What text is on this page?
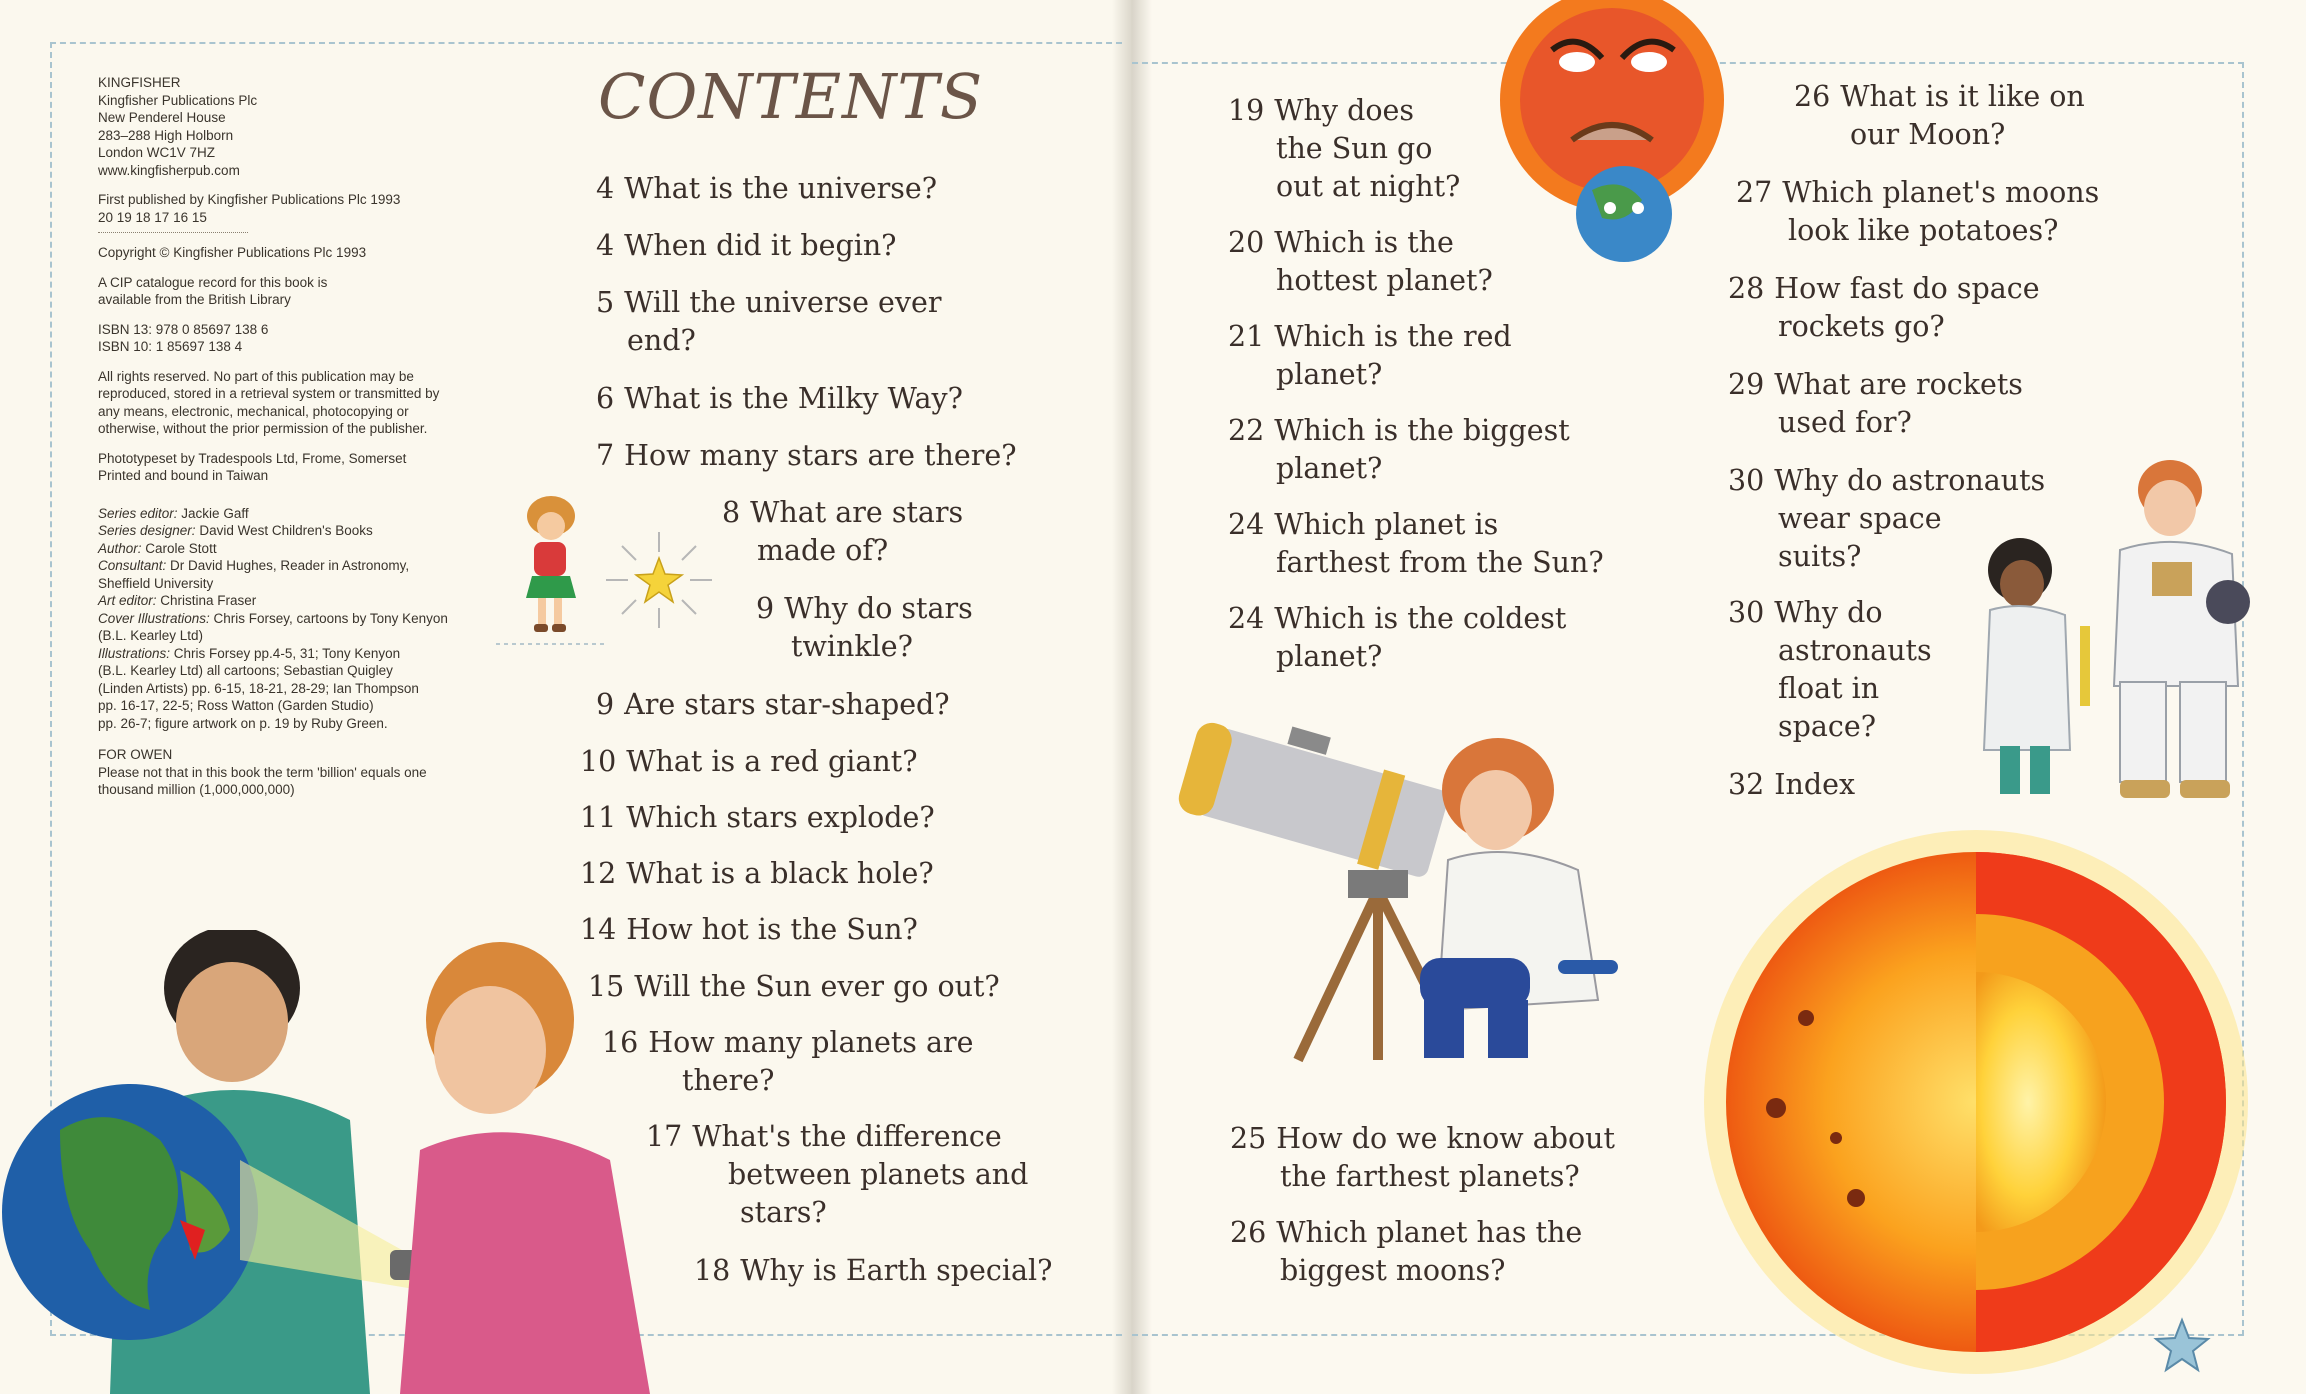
KINGFISHER
Kingfisher Publications Plc
New Penderel House
283–288 High Holborn
London WC1V 7HZ
www.kingfisherpub.com
First published by Kingfisher Publications Plc 1993
20 19 18 17 16 15
Copyright © Kingfisher Publications Plc 1993
A CIP catalogue record for this book is
available from the British Library
ISBN 13: 978 0 85697 138 6
ISBN 10: 1 85697 138 4
All rights reserved. No part of this publication may be
reproduced, stored in a retrieval system or transmitted by
any means, electronic, mechanical, photocopying or
otherwise, without the prior permission of the publisher.
Phototypeset by Tradespools Ltd, Frome, Somerset
Printed and bound in Taiwan
Series editor: Jackie Gaff
Series designer: David West Children's Books
Author: Carole Stott
Consultant: Dr David Hughes, Reader in Astronomy,
Sheffield University
Art editor: Christina Fraser
Cover Illustrations: Chris Forsey, cartoons by Tony Kenyon
(B.L. Kearley Ltd)
Illustrations: Chris Forsey pp.4-5, 31; Tony Kenyon
(B.L. Kearley Ltd) all cartoons; Sebastian Quigley
(Linden Artists) pp. 6-15, 18-21, 28-29; Ian Thompson
pp. 16-17, 22-5; Ross Watton (Garden Studio)
pp. 26-7; figure artwork on p. 19 by Ruby Green.
FOR OWEN
Please not that in this book the term 'billion' equals one
thousand million (1,000,000,000)
CONTENTS
4 What is the universe?
4 When did it begin?
5 Will the universe ever
end?
6 What is the Milky Way?
7 How many stars are there?
8 What are stars
made of?
9 Why do stars
twinkle?
9 Are stars star-shaped?
10 What is a red giant?
11 Which stars explode?
12 What is a black hole?
14 How hot is the Sun?
15 Will the Sun ever go out?
16 How many planets are
there?
17 What's the difference
between planets and
stars?
18 Why is Earth special?
19 Why does
the Sun go
out at night?
20 Which is the
hottest planet?
21 Which is the red
planet?
22 Which is the biggest
planet?
24 Which planet is
farthest from the Sun?
24 Which is the coldest
planet?
25 How do we know about
the farthest planets?
26 Which planet has the
biggest moons?
26 What is it like on
our Moon?
27 Which planet's moons
look like potatoes?
28 How fast do space
rockets go?
29 What are rockets
used for?
30 Why do astronauts
wear space
suits?
30 Why do
astronauts
float in
space?
32 Index
